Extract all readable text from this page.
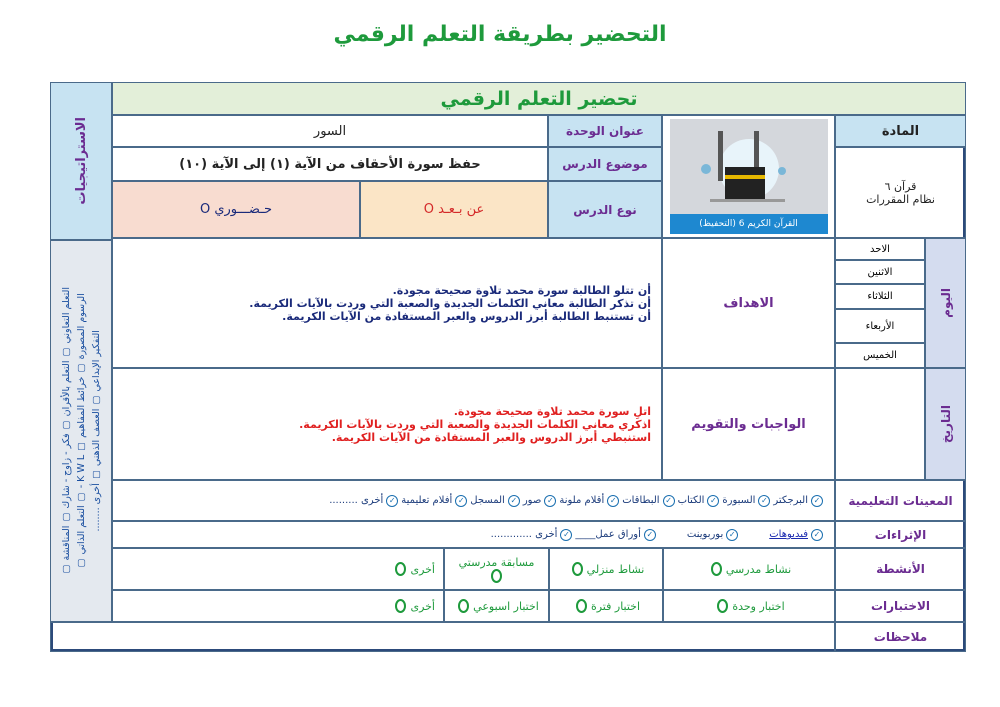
التحضير بطريقة التعلم الرقمي
تحضير التعلم الرقمي
الاستراتيجيات
التعلم التعاوني ▢ التعلم بالأقران ▢ فكر - زاوج - شارك ▢ المناقشة ▢ الرسوم المصورة ▢ خرائط المفاهيم ▢ K W L - ▢ التعلم الذاتي ▢ التفكير الإبداعي ▢ العصف الذهني ▢ أخرى ........
المادة
قرآن ٦
نظام المقررات
القرآن الكريم 6 (التحفيظ)
عنوان الوحدة
السور
موضوع الدرس
حفظ سورة الأحقاف من الآية (١) إلى الآية (١٠)
نوع الدرس
عن بـعـد
O
حـضـــوري
O
أن تتلو الطالبة سورة محمد تلاوة صحيحة مجودة.
أن تذكر الطالبة معاني الكلمات الجديدة والصعبة التي وردت بالآيات الكريمة.
أن تستنبط الطالبة أبرز الدروس والعبر المستفادة من الآيات الكريمة.
الاهداف
الاحد
الاثنين
الثلاثاء
الأربعاء
الخميس
اليوم
اتلِ سورة محمد تلاوة صحيحة مجودة.
اذكري معاني الكلمات الجديدة والصعبة التي وردت بالآيات الكريمة.
استنبطي أبرز الدروس والعبر المستفادة من الآيات الكريمة.
الواجبات والتقويم	التاريخ
المعينات التعليمية
✓
البرجكتر
✓
السبورة
✓
الكتاب
✓
البطاقات
✓
أقلام ملونة
✓
صور
✓
المسجل
✓
أفلام تعليمية
✓
أخرى .........
الإثراءات
✓
فيديوهات
✓
بوربوينت
✓
أوراق عمل____
✓
أخرى .............
الأنشطة
نشاط مدرسي
نشاط منزلي
مسابقة مدرستي
أخرى
الاختبارات
اختبار وحدة
اختبار فترة
اختبار اسبوعي
أخرى
ملاحظات
